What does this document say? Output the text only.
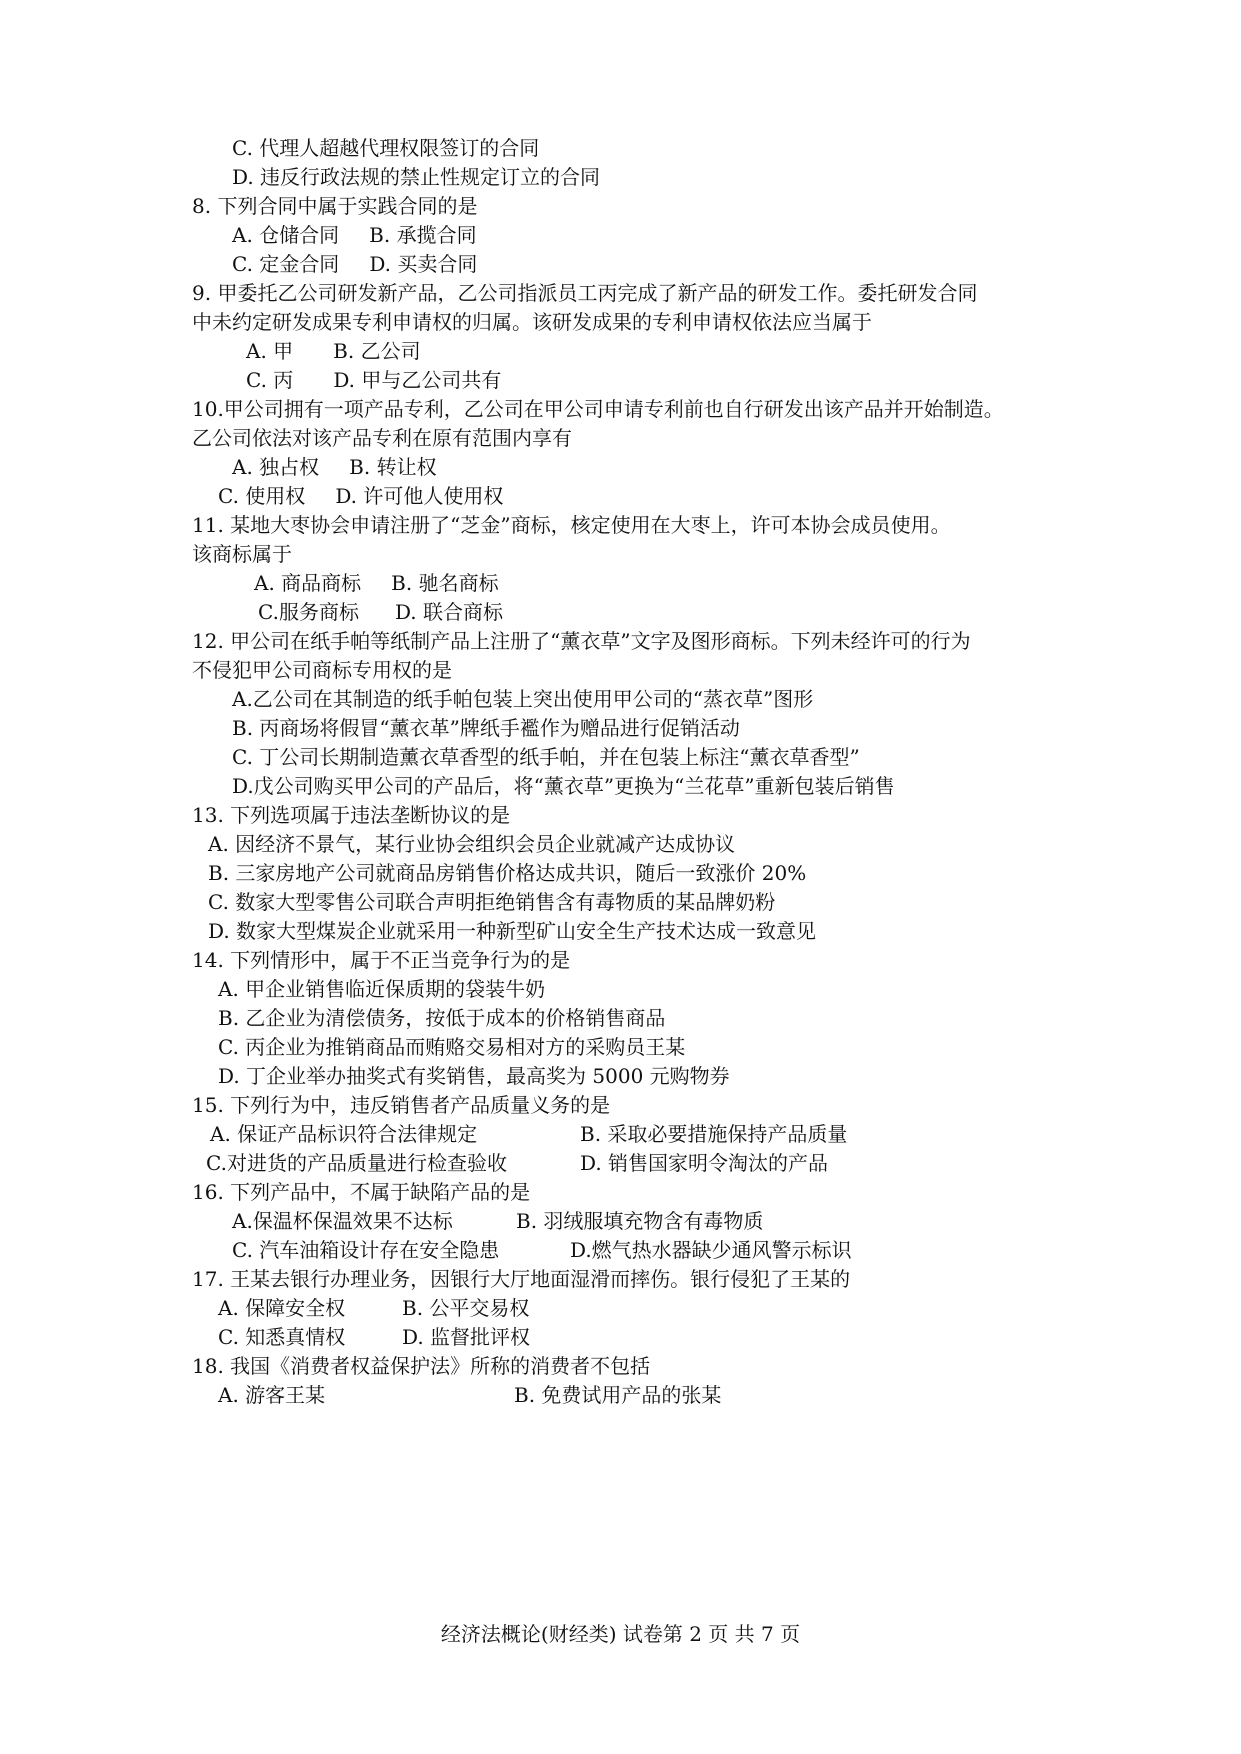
C. 代理人超越代理权限签订的合同
D. 违反行政法规的禁止性规定订立的合同
8. 下列合同中属于实践合同的是
A. 仓储合同 B. 承揽合同
C. 定金合同 D. 买卖合同
9. 甲委托乙公司研发新产品，乙公司指派员工丙完成了新产品的研发工作。委托研发合同
中未约定研发成果专利申请权的归属。该研发成果的专利申请权依法应当属于
A. 甲 B. 乙公司
C. 丙 D. 甲与乙公司共有
10.甲公司拥有一项产品专利，乙公司在甲公司申请专利前也自行研发出该产品并开始制造。
乙公司依法对该产品专利在原有范围内享有
A. 独占权 B. 转让权
C. 使用权 D. 许可他人使用权
11. 某地大枣协会申请注册了“芝金”商标，核定使用在大枣上，许可本协会成员使用。
该商标属于
A. 商品商标 B. 驰名商标
C.服务商标 D. 联合商标
12. 甲公司在纸手帕等纸制产品上注册了“薰衣草”文字及图形商标。下列未经许可的行为
不侵犯甲公司商标专用权的是
A.乙公司在其制造的纸手帕包装上突出使用甲公司的“蒸衣草”图形
B. 丙商场将假冒“薰衣革”牌纸手襤作为赠品进行促销活动
C. 丁公司长期制造薰衣草香型的纸手帕，并在包装上标注“薰衣草香型”
D.戊公司购买甲公司的产品后，将“薰衣草”更换为“兰花草”重新包装后销售
13. 下列选项属于违法垄断协议的是
A. 因经济不景气，某行业协会组织会员企业就减产达成协议
B. 三家房地产公司就商品房销售价格达成共识，随后一致涨价 20%
C. 数家大型零售公司联合声明拒绝销售含有毒物质的某品牌奶粉
D. 数家大型煤炭企业就采用一种新型矿山安全生产技术达成一致意见
14. 下列情形中，属于不正当竞争行为的是
A. 甲企业销售临近保质期的袋装牛奶
B. 乙企业为清偿债务，按低于成本的价格销售商品
C. 丙企业为推销商品而贿赂交易相对方的采购员王某
D. 丁企业举办抽奖式有奖销售，最高奖为 5000 元购物券
15. 下列行为中，违反销售者产品质量义务的是
A. 保证产品标识符合法律规定	B. 采取必要措施保持产品质量
C.对进货的产品质量进行检查验收	D. 销售国家明令淘汰的产品
16. 下列产品中，不属于缺陷产品的是
A.保温杯保温效果不达标	B. 羽绒服填充物含有毒物质
C. 汽车油箱设计存在安全隐患	D.燃气热水器缺少通风警示标识
17. 王某去银行办理业务，因银行大厅地面湿滑而摔伤。银行侵犯了王某的
A. 保障安全权	B. 公平交易权
C. 知悉真情权	D. 监督批评权
18. 我国《消费者权益保护法》所称的消费者不包括
A. 游客王某	B. 免费试用产品的张某
经济法概论(财经类) 试卷第 2 页 共 7 页
